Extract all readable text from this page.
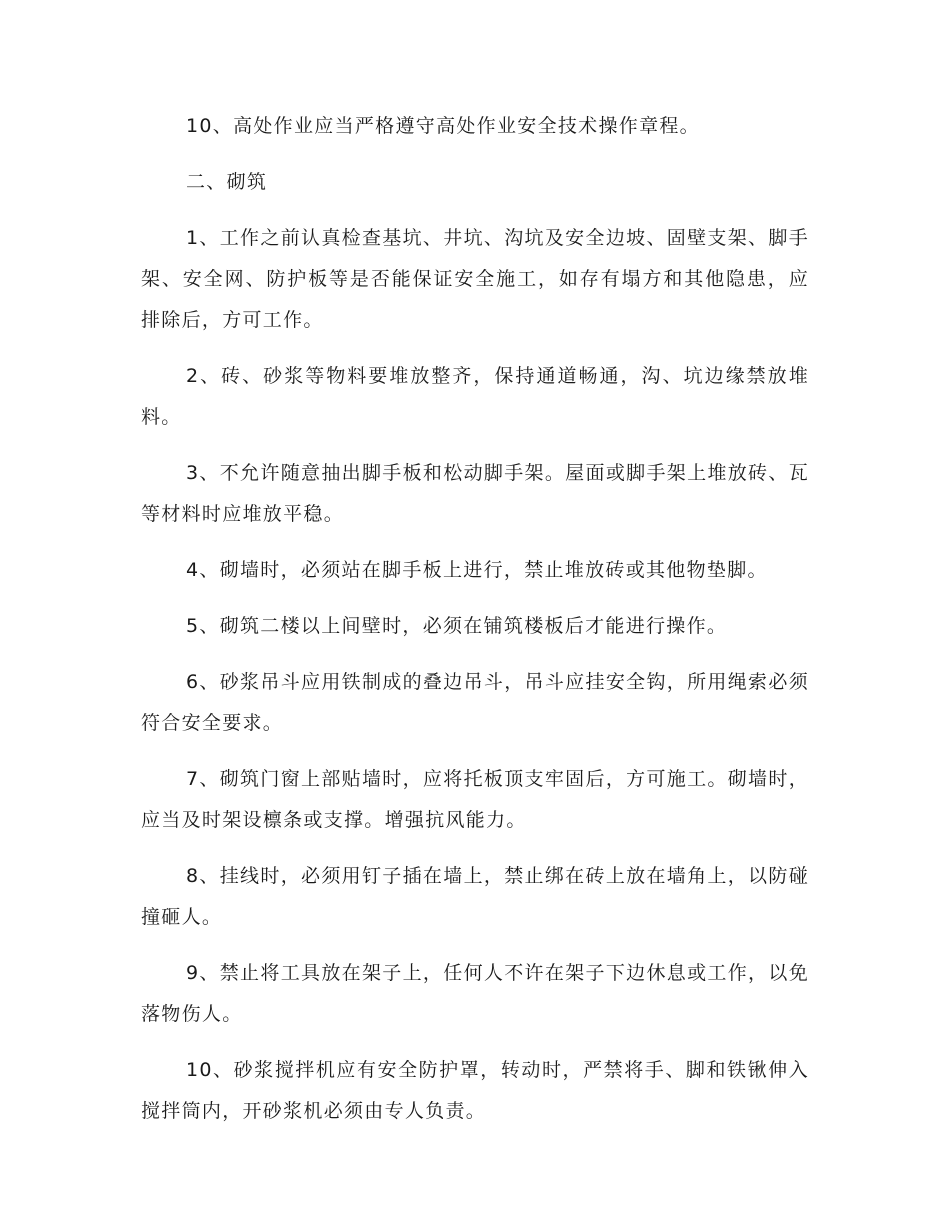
10、高处作业应当严格遵守高处作业安全技术操作章程。

二、砌筑

1、工作之前认真检查基坑、井坑、沟坑及安全边坡、固壁支架、脚手架、安全网、防护板等是否能保证安全施工，如存有塌方和其他隐患，应排除后，方可工作。

2、砖、砂浆等物料要堆放整齐，保持通道畅通，沟、坑边缘禁放堆料。

3、不允许随意抽出脚手板和松动脚手架。屋面或脚手架上堆放砖、瓦等材料时应堆放平稳。

4、砌墙时，必须站在脚手板上进行，禁止堆放砖或其他物垫脚。

5、砌筑二楼以上间壁时，必须在铺筑楼板后才能进行操作。

6、砂浆吊斗应用铁制成的叠边吊斗，吊斗应挂安全钩，所用绳索必须符合安全要求。

7、砌筑门窗上部贴墙时，应将托板顶支牢固后，方可施工。砌墙时，应当及时架设檩条或支撑。增强抗风能力。

8、挂线时，必须用钉子插在墙上，禁止绑在砖上放在墙角上，以防碰撞砸人。

9、禁止将工具放在架子上，任何人不许在架子下边休息或工作，以免落物伤人。

10、砂浆搅拌机应有安全防护罩，转动时，严禁将手、脚和铁锹伸入搅拌筒内，开砂浆机必须由专人负责。
